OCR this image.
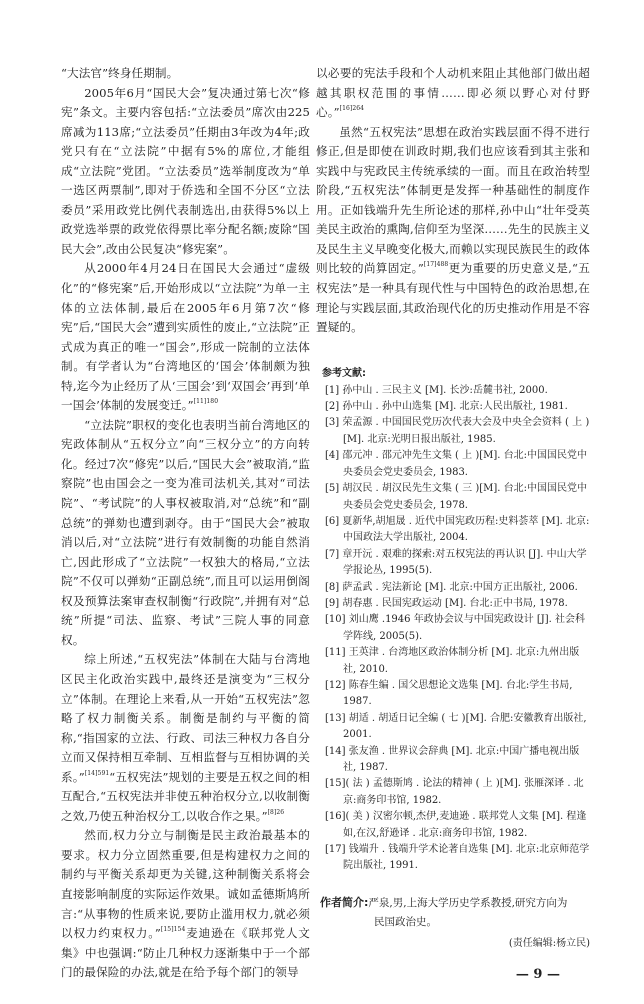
“大法官”终身任期制。

2005年6月“国民大会”复决通过第七次“修宪”条文。主要内容包括:“立法委员”席次由225席减为113席;“立法委员”任期由3年改为4年;政党只有在“立法院”中据有5%的席位,才能组成“立法院”党团。“立法委员”选举制度改为“单一选区两票制”,即对于侨选和全国不分区“立法委员”采用政党比例代表制选出,由获得5%以上政党选举票的政党依得票比率分配名额;废除“国民大会”,改由公民复决“修宪案”。

从2000年4月24日在国民大会通过“虚级化”的“修宪案”后,开始形成以“立法院”为单一主体的立法体制,最后在2005年6月第7次“修宪”后,“国民大会”遭到实质性的废止,“立法院”正式成为真正的唯一“国会”,形成一院制的立法体制。有学者认为“台湾地区的‘国会’体制颇为独特,迄今为止经历了从‘三国会’到‘双国会’再到‘单一国会’体制的发展变迁。”$^{[11]180}$

“立法院”职权的变化也表明当前台湾地区的宪政体制从“五权分立”向“三权分立”的方向转化。经过7次“修宪”以后,“国民大会”被取消,“监察院”也由国会之一变为准司法机关,其对“司法院”、“考试院”的人事权被取消,对“总统”和“副总统”的弹劾也遭到剥夺。由于“国民大会”被取消以后,对“立法院”进行有效制衡的功能自然消亡,因此形成了“立法院”一权独大的格局,“立法院”不仅可以弹劾“正副总统”,而且可以运用倒阁权及预算法案审查权制衡“行政院”,并拥有对“总统”所提“司法、监察、考试”三院人事的同意权。

综上所述,“五权宪法”体制在大陆与台湾地区民主化政治实践中,最终还是演变为“三权分立”体制。在理论上来看,从一开始“五权宪法”忽略了权力制衡关系。制衡是制约与平衡的简称,“指国家的立法、行政、司法三种权力各自分立而又保持相互牵制、互相监督与互相协调的关系。”$^{[14]591}$“五权宪法”规划的主要是五权之间的相互配合,“五权宪法并非使五种治权分立,以收制衡之效,乃使五种治权分工,以收合作之果。”$^{[8]26}$

然而,权力分立与制衡是民主政治最基本的要求。权力分立固然重要,但是构建权力之间的制约与平衡关系却更为关键,这种制衡关系将会直接影响制度的实际运作效果。诚如孟德斯鸠所言:“从事物的性质来说,要防止滥用权力,就必须以权力约束权力。”$^{[15]154}$麦迪逊在《联邦党人文集》中也强调:“防止几种权力逐渐集中于一个部门的最保险的办法,就是在给予每个部门的领导

以必要的宪法手段和个人动机来阻止其他部门做出超越其职权范围的事情……即必须以野心对付野心。”$^{[16]264}$

虽然“五权宪法”思想在政治实践层面不得不进行修正,但是即使在训政时期,我们也应该看到其主张和实践中与宪政民主传统承续的一面。而且在政治转型阶段,“五权宪法”体制更是发挥一种基础性的制度作用。正如钱端升先生所论述的那样,孙中山“壮年受英美民主政治的熏陶,信仰至为坚深……先生的民族主义及民生主义早晚变化极大,而赖以实现民族民生的政体则比较的尚算固定。”$^{[17]488}$更为重要的历史意义是,“五权宪法”是一种具有现代性与中国特色的政治思想,在理论与实践层面,其政治现代化的历史推动作用是不容置疑的。

参考文献:
[1] 孙中山 . 三民主义 [M]. 长沙:岳麓书社, 2000.
[2] 孙中山 . 孙中山选集 [M]. 北京:人民出版社, 1981.
[3] 荣孟源 . 中国国民党历次代表大会及中央全会资料 ( 上 ) [M]. 北京:光明日报出版社, 1985.
[4] 邵元冲 . 邵元冲先生文集 ( 上 )[M]. 台北:中国国民党中央委员会党史委员会, 1983.
[5] 胡汉民 . 胡汉民先生文集 ( 三 )[M]. 台北:中国国民党中央委员会党史委员会, 1978.
[6] 夏新华,胡旭晟 . 近代中国宪政历程:史料荟萃 [M]. 北京:中国政法大学出版社, 2004.
[7] 章开沅 . 艰难的探索:对五权宪法的再认识 [J]. 中山大学学报论丛, 1995(5).
[8] 萨孟武 . 宪法新论 [M]. 北京:中国方正出版社, 2006.
[9] 胡春惠 . 民国宪政运动 [M]. 台北:正中书局, 1978.
[10] 刘山鹰 .1946 年政协会议与中国宪政设计 [J]. 社会科学阵线, 2005(5).
[11] 王英津 . 台湾地区政治体制分析 [M]. 北京:九州出版社, 2010.
[12] 陈春生编 . 国父思想论文选集 [M]. 台北:学生书局, 1987.
[13] 胡适 . 胡适日记全编 ( 七 )[M]. 合肥:安徽教育出版社, 2001.
[14] 张友渔 . 世界议会辞典 [M]. 北京:中国广播电视出版社, 1987.
[15]( 法 ) 孟德斯鸠 . 论法的精神 ( 上 )[M]. 张雁深译 . 北京:商务印书馆, 1982.
[16]( 美 ) 汉密尔顿,杰伊,麦迪逊 . 联邦党人文集 [M]. 程逢如,在汉,舒逊译 . 北京:商务印书馆, 1982.
[17] 钱端升 . 钱端升学术论著自选集 [M]. 北京:北京师范学院出版社, 1991.
作者简介:严泉,男,上海大学历史学系教授,研究方向为
民国政治史。
(责任编辑:杨立民)
— 9 —
